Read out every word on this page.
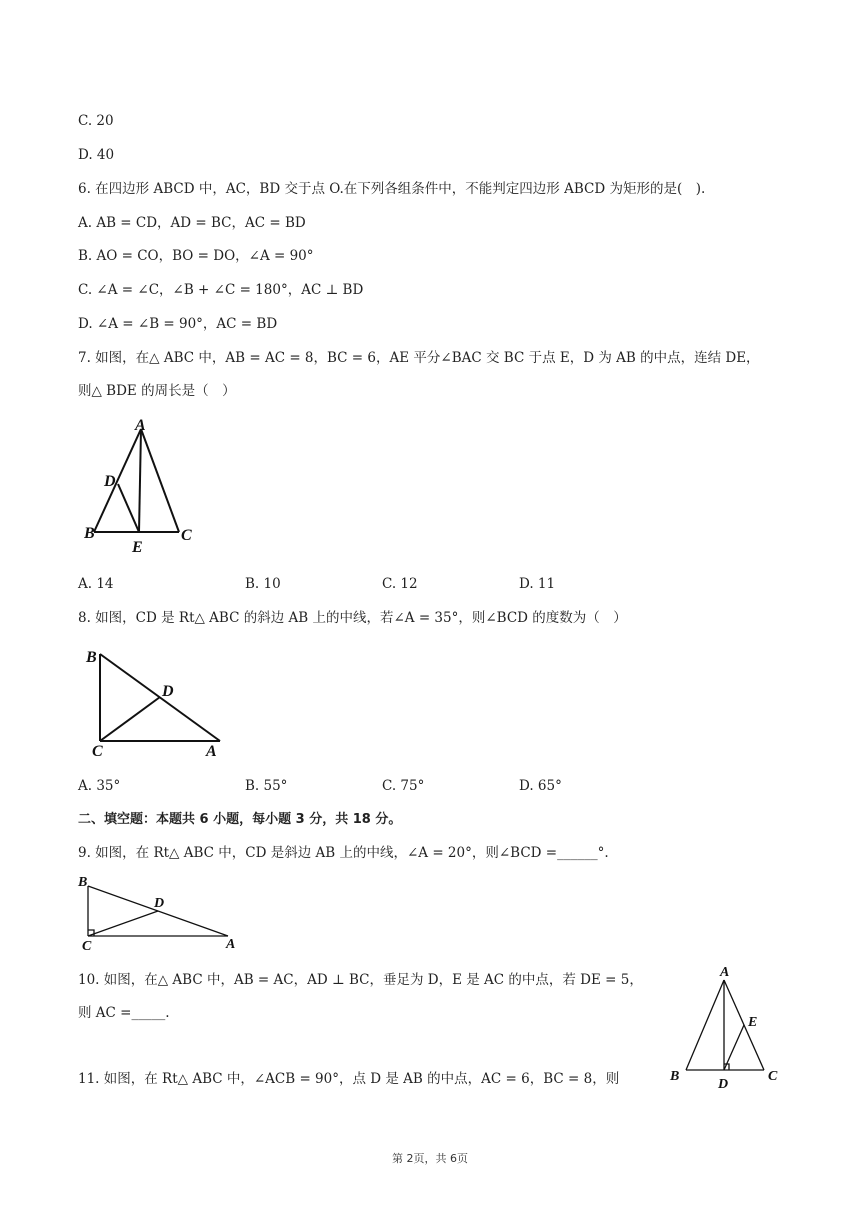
C. 20
D. 40
6. 在四边形 ABCD 中，AC，BD 交于点 O.在下列各组条件中，不能判定四边形 ABCD 为矩形的是(　).
A. AB = CD，AD = BC，AC = BD
B. AO = CO，BO = DO，∠A = 90°
C. ∠A = ∠C，∠B + ∠C = 180°，AC ⊥ BD
D. ∠A = ∠B = 90°，AC = BD
7. 如图，在△ ABC 中，AB = AC = 8，BC = 6，AE 平分∠BAC 交 BC 于点 E，D 为 AB 的中点，连结 DE，
则△ BDE 的周长是（　）
A
D
B
E
C
A. 14	B. 10	C. 12	D. 11
8. 如图，CD 是 Rt△ ABC 的斜边 AB 上的中线，若∠A = 35°，则∠BCD 的度数为（　）
B
D
C	A
A. 35°	B. 55°	C. 75°	D. 65°
二、填空题：本题共 6 小题，每小题 3 分，共 18 分。
9. 如图，在 Rt△ ABC 中，CD 是斜边 AB 上的中线，∠A = 20°，则∠BCD =______°.
B
D
C	A
10. 如图，在△ ABC 中，AB = AC，AD ⊥ BC，垂足为 D，E 是 AC 的中点，若 DE = 5，
则 AC =_____.
A
E
B
D
C
11. 如图，在 Rt△ ABC 中，∠ACB = 90°，点 D 是 AB 的中点，AC = 6，BC = 8，则
第 2页，共 6页
